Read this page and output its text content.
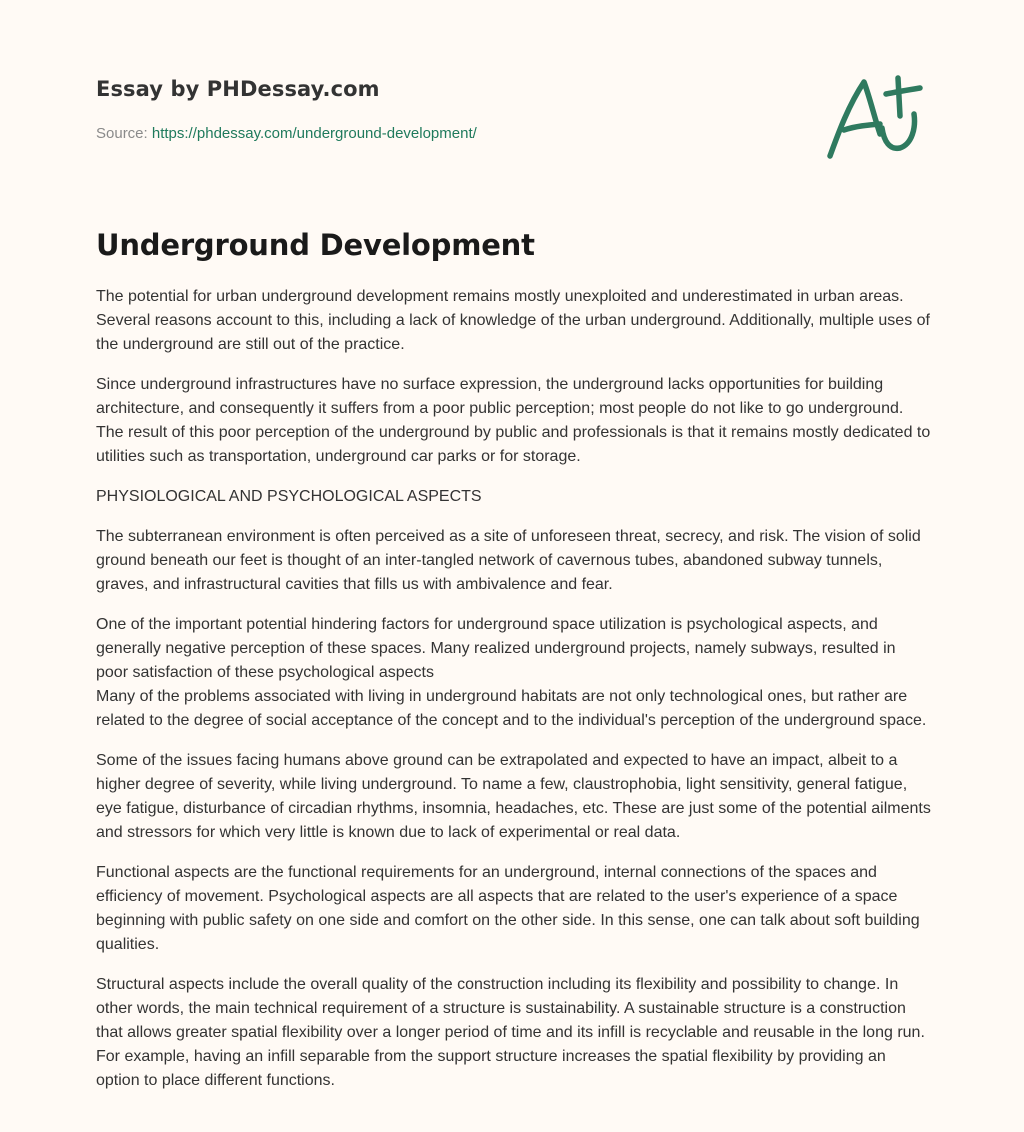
Essay by PHDessay.com
Source: https://phdessay.com/underground-development/
Underground Development

The potential for urban underground development remains mostly unexploited and underestimated in urban areas. Several reasons account to this, including a lack of knowledge of the urban underground. Additionally, multiple uses of the underground are still out of the practice.

Since underground infrastructures have no surface expression, the underground lacks opportunities for building architecture, and consequently it suffers from a poor public perception; most people do not like to go underground. The result of this poor perception of the underground by public and professionals is that it remains mostly dedicated to utilities such as transportation, underground car parks or for storage.

PHYSIOLOGICAL AND PSYCHOLOGICAL ASPECTS

The subterranean environment is often perceived as a site of unforeseen threat, secrecy, and risk. The vision of solid ground beneath our feet is thought of an inter-tangled network of cavernous tubes, abandoned subway tunnels, graves, and infrastructural cavities that fills us with ambivalence and fear.

One of the important potential hindering factors for underground space utilization is psychological aspects, and generally negative perception of these spaces. Many realized underground projects, namely subways, resulted in poor satisfaction of these psychological aspects

Many of the problems associated with living in underground habitats are not only technological ones, but rather are related to the degree of social acceptance of the concept and to the individual's perception of the underground space.

Some of the issues facing humans above ground can be extrapolated and expected to have an impact, albeit to a higher degree of severity, while living underground. To name a few, claustrophobia, light sensitivity, general fatigue, eye fatigue, disturbance of circadian rhythms, insomnia, headaches, etc. These are just some of the potential ailments and stressors for which very little is known due to lack of experimental or real data.

Functional aspects are the functional requirements for an underground, internal connections of the spaces and efficiency of movement. Psychological aspects are all aspects that are related to the user's experience of a space beginning with public safety on one side and comfort on the other side. In this sense, one can talk about soft building qualities.

Structural aspects include the overall quality of the construction including its flexibility and possibility to change. In other words, the main technical requirement of a structure is sustainability. A sustainable structure is a construction that allows greater spatial flexibility over a longer period of time and its infill is recyclable and reusable in the long run. For example, having an infill separable from the support structure increases the spatial flexibility by providing an option to place different functions.
